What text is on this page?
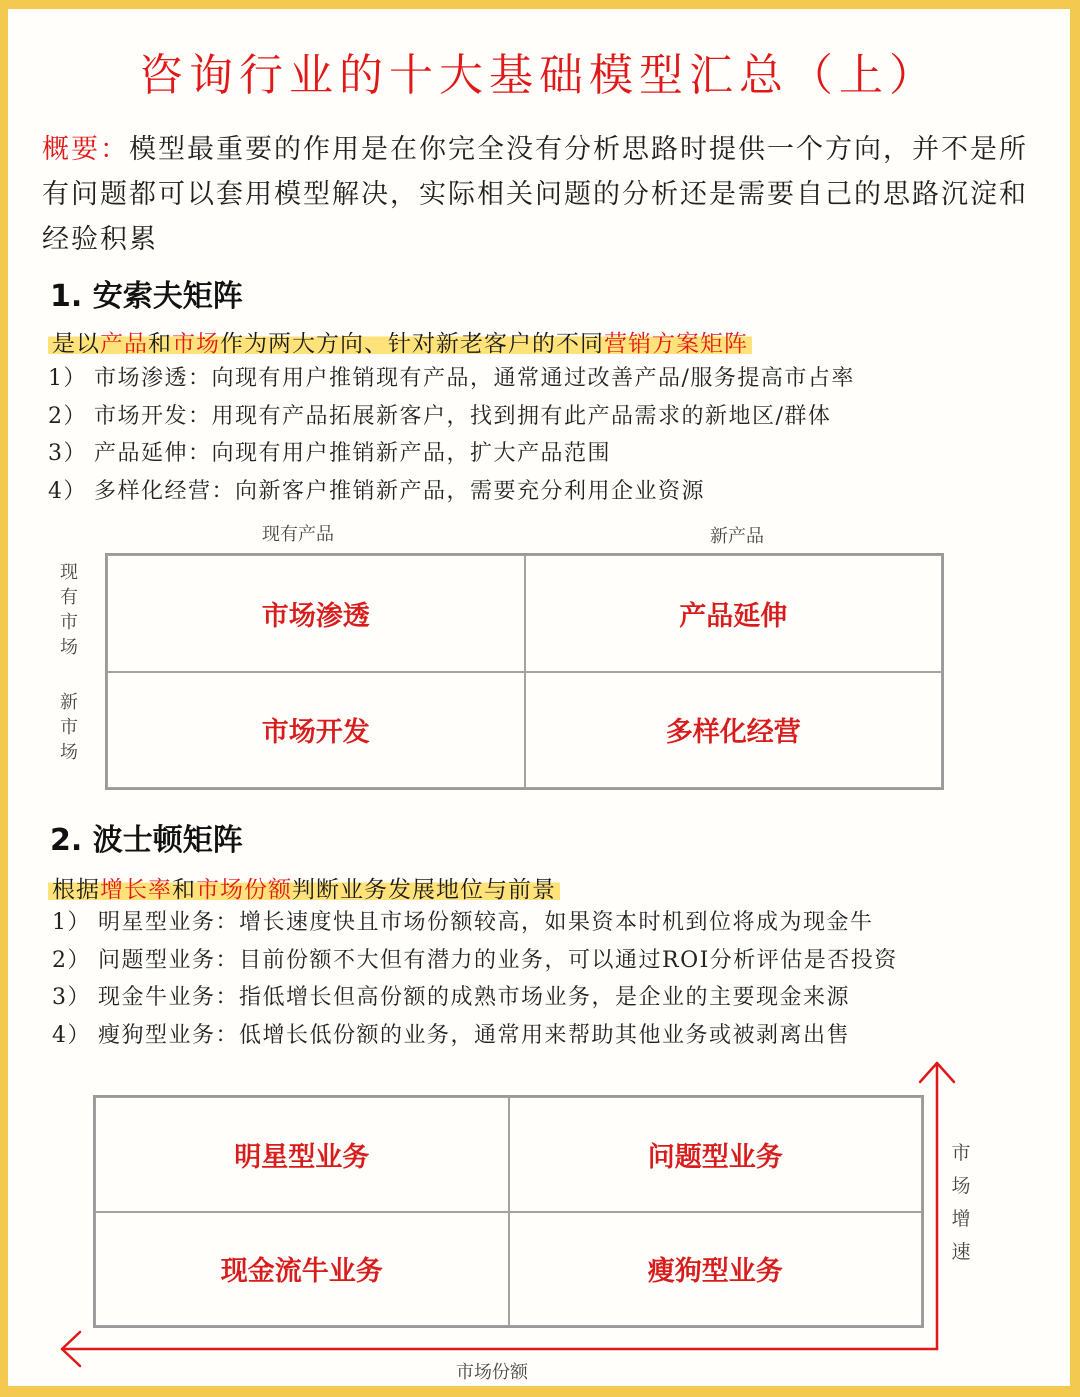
咨询行业的十大基础模型汇总（上）
概要：模型最重要的作用是在你完全没有分析思路时提供一个方向，并不是所有问题都可以套用模型解决，实际相关问题的分析还是需要自己的思路沉淀和经验积累
1. 安索夫矩阵
是以产品和市场作为两大方向、针对新老客户的不同营销方案矩阵
1） 市场渗透：向现有用户推销现有产品，通常通过改善产品/服务提高市占率
2） 市场开发：用现有产品拓展新客户，找到拥有此产品需求的新地区/群体
3） 产品延伸：向现有用户推销新产品，扩大产品范围
4） 多样化经营：向新客户推销新产品，需要充分利用企业资源
现有产品	新产品
现有市场
新市场
市场渗透	产品延伸
市场开发	多样化经营
2. 波士顿矩阵
根据增长率和市场份额判断业务发展地位与前景
1） 明星型业务：增长速度快且市场份额较高，如果资本时机到位将成为现金牛
2） 问题型业务：目前份额不大但有潜力的业务，可以通过ROI分析评估是否投资
3） 现金牛业务：指低增长但高份额的成熟市场业务，是企业的主要现金来源
4） 瘦狗型业务：低增长低份额的业务，通常用来帮助其他业务或被剥离出售
明星型业务	问题型业务
现金流牛业务	瘦狗型业务
市场增速
市场份额
